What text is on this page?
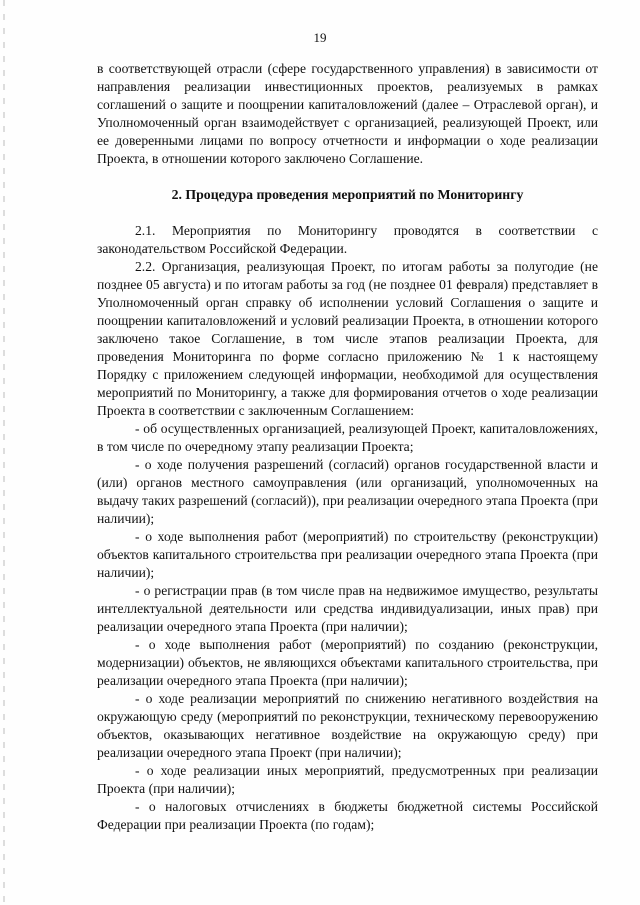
19

в соответствующей отрасли (сфере государственного управления) в зависимости от направления реализации инвестиционных проектов, реализуемых в рамках соглашений о защите и поощрении капиталовложений (далее – Отраслевой орган), и Уполномоченный орган взаимодействует с организацией, реализующей Проект, или ее доверенными лицами по вопросу отчетности и информации о ходе реализации Проекта, в отношении которого заключено Соглашение.

2. Процедура проведения мероприятий по Мониторингу

2.1. Мероприятия по Мониторингу проводятся в соответствии с законодательством Российской Федерации.

2.2. Организация, реализующая Проект, по итогам работы за полугодие (не позднее 05 августа) и по итогам работы за год (не позднее 01 февраля) представляет в Уполномоченный орган справку об исполнении условий Соглашения о защите и поощрении капиталовложений и условий реализации Проекта, в отношении которого заключено такое Соглашение, в том числе этапов реализации Проекта, для проведения Мониторинга по форме согласно приложению № 1 к настоящему Порядку с приложением следующей информации, необходимой для осуществления мероприятий по Мониторингу, а также для формирования отчетов о ходе реализации Проекта в соответствии с заключенным Соглашением:

- об осуществленных организацией, реализующей Проект, капиталовложениях, в том числе по очередному этапу реализации Проекта;
- о ходе получения разрешений (согласий) органов государственной власти и (или) органов местного самоуправления (или организаций, уполномоченных на выдачу таких разрешений (согласий)), при реализации очередного этапа Проекта (при наличии);
- о ходе выполнения работ (мероприятий) по строительству (реконструкции) объектов капитального строительства при реализации очередного этапа Проекта (при наличии);
- о регистрации прав (в том числе прав на недвижимое имущество, результаты интеллектуальной деятельности или средства индивидуализации, иных прав) при реализации очередного этапа Проекта (при наличии);
- о ходе выполнения работ (мероприятий) по созданию (реконструкции, модернизации) объектов, не являющихся объектами капитального строительства, при реализации очередного этапа Проекта (при наличии);
- о ходе реализации мероприятий по снижению негативного воздействия на окружающую среду (мероприятий по реконструкции, техническому перевооружению объектов, оказывающих негативное воздействие на окружающую среду) при реализации очередного этапа Проект (при наличии);
- о ходе реализации иных мероприятий, предусмотренных при реализации Проекта (при наличии);
- о налоговых отчислениях в бюджеты бюджетной системы Российской Федерации при реализации Проекта (по годам);
